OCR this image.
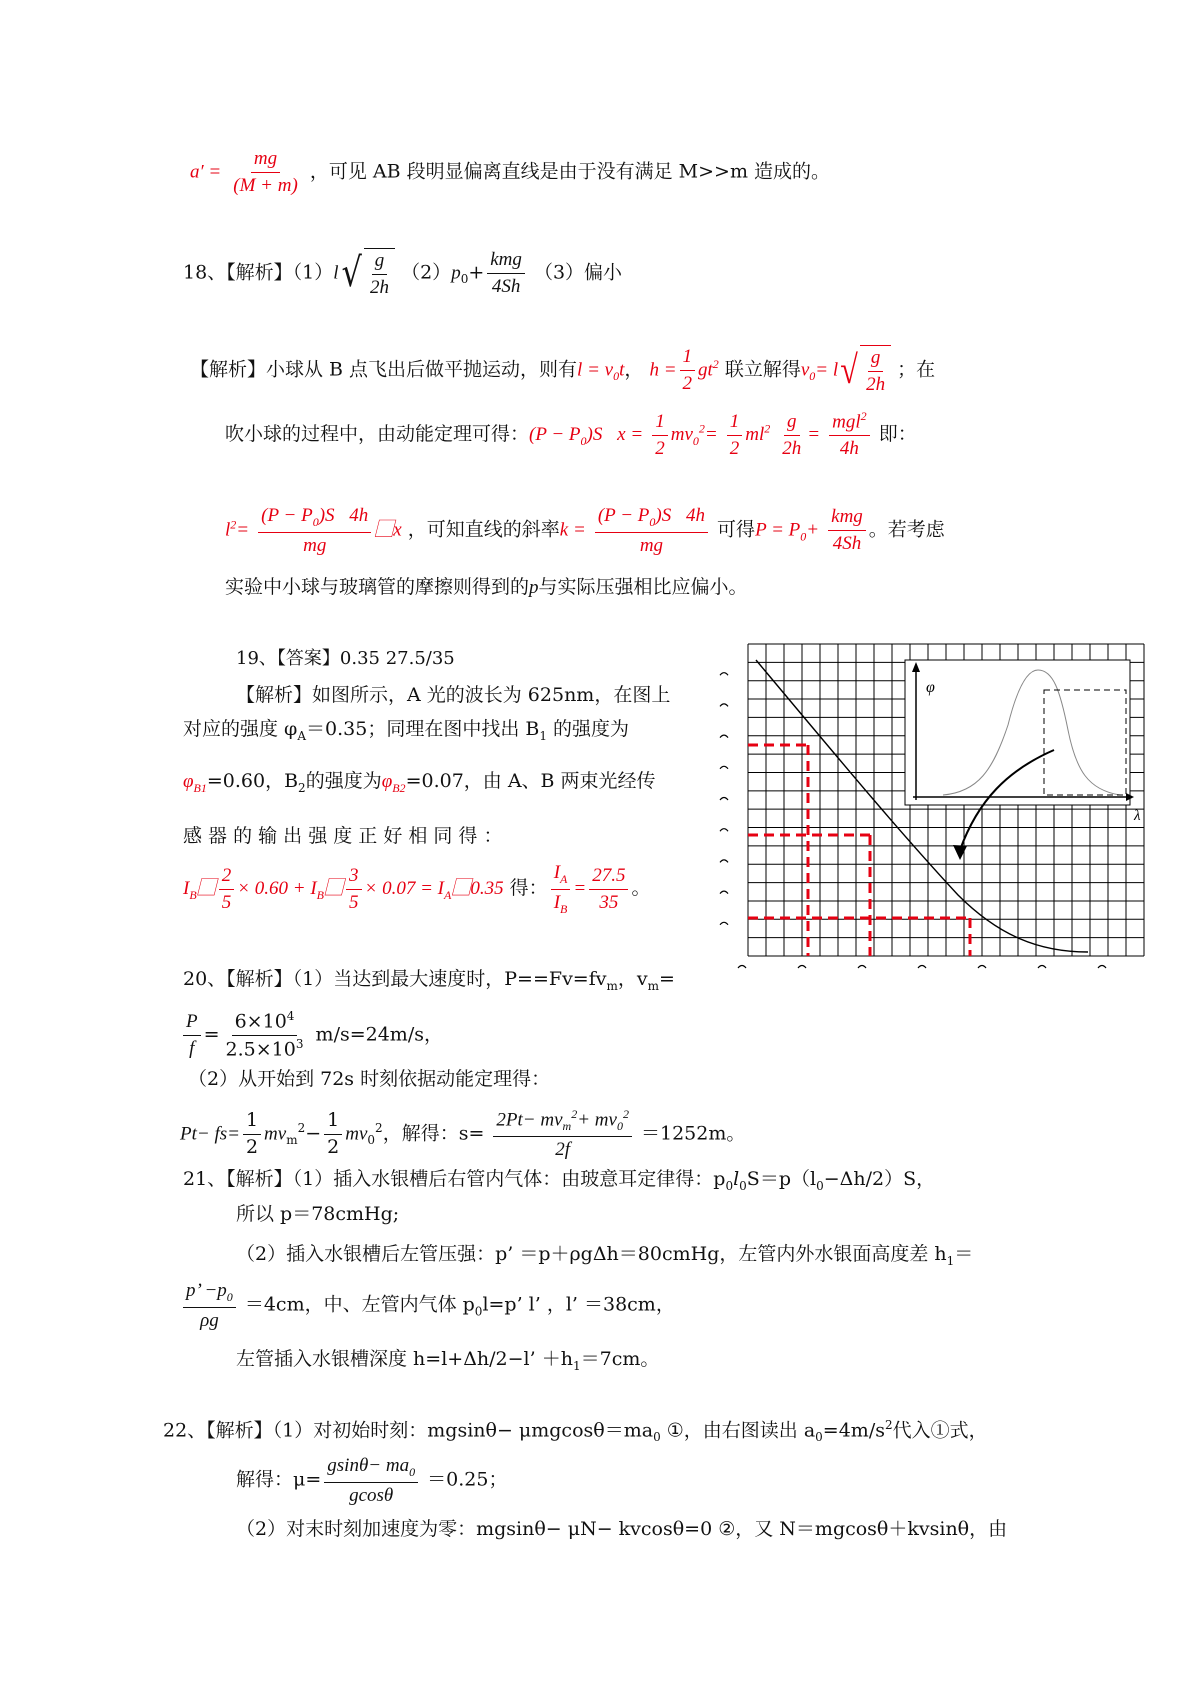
$a' = \frac{mg}{(M + m)}$ ，可见 AB 段明显偏离直线是由于没有满足 M>>m 造成的。
18、【解析】（1）l √ $\frac{g}{2h} (2)p_0+ \frac{\text{kmg}}{4Sh} (3)$偏小
【解析】小球从 B 点飞出后做平抛运动，则有$l = v_0t$， $h = \frac{1}{2} gt^2$ 联立解得$v_0= l$ √ $\frac{g}{2h}$ ；在
吹小球的过程中，由动能定理可得：$(P - P_0)S⃞x = \frac{1}{2} mv_0^2= \frac{1}{2} ml^2 \frac{g}{2h} = \frac{mgl^2}{4h}$ 即：
$l^2= \frac{(P - P_0)S⃞4h}{mg}$ ⃞x ，可知直线的斜率$k = \frac{(P - P_0)S⃞4h}{mg}$ 可得$P = P_0+ \frac{\text{kmg}}{4Sh}$ 。若考虑
实验中小球与玻璃管的摩擦则得到的p与实际压强相比应偏小。
19、【答案】0.35 27.5/35
【解析】如图所示，A 光的波长为 625nm，在图上
对应的强度 $\varphi_A=0.35$；同理在图中找出 $B_1$ 的强度为
$\varphi_{B1}=0.60$，$B_2$的强度为$\varphi_{B2}=0.07$，由 A、B 两束光经传
感 器 的 输 出 强 度 正 好 相 同 得 ：
$I_B⃞ \frac{2}{5} \times 0.60$ + $I_B⃞ \frac{3}{5} \times 0.07$ = $I_A⃞0.35$ 得： $\frac{I_A}{I_B} = \frac{27.5}{35}$ 。
φ
λ
20、【解析】（1）当达到最大速度时，$P==Fv=fv_m$，$v_m=$
$\frac{P}{f} = \frac{6\times 10^4}{2.5\times 10^3} m/s=24m/s$，
（2）从开始到 72s 时刻依据动能定理得：
$Pt- fs= \frac{1}{2} mv_m^2- \frac{1}{2} mv_0^2$，解得：$s= \frac{2Pt- mv_m^2+ mv_0^2}{2f} =1252m$。
21、【解析】（1）插入水银槽后右管内气体：由玻意耳定律得：$p_0l_0S=p(l_0-\Delta h/2)S$，
所以 p＝78cmHg;
（2）插入水银槽后左管压强：p’ ＝p＋ρgΔh＝80cmHg，左管内外水银面高度差 $h_1=$
$\frac{p’ -p_0}{\rho g} =4cm$，中、左管内气体 $p_0l=p$’ l’ ，l’ ＝38cm，
左管插入水银槽深度 h=l+Δh/2−l’ $+h_1=7cm$。
22、【解析】（1）对初始时刻：$mgsin\theta- \mu mgcos\theta=ma_0$ ①，由右图读出 $a_0=4m/s^2$代入①式，
解得：$\mu= \frac{gsin\theta- ma_0}{gcos\theta} =0.25$；
（2）对末时刻加速度为零：mgsinθ− μN− kvcosθ=0 ②，又 N＝mgcosθ＋kvsinθ，由
